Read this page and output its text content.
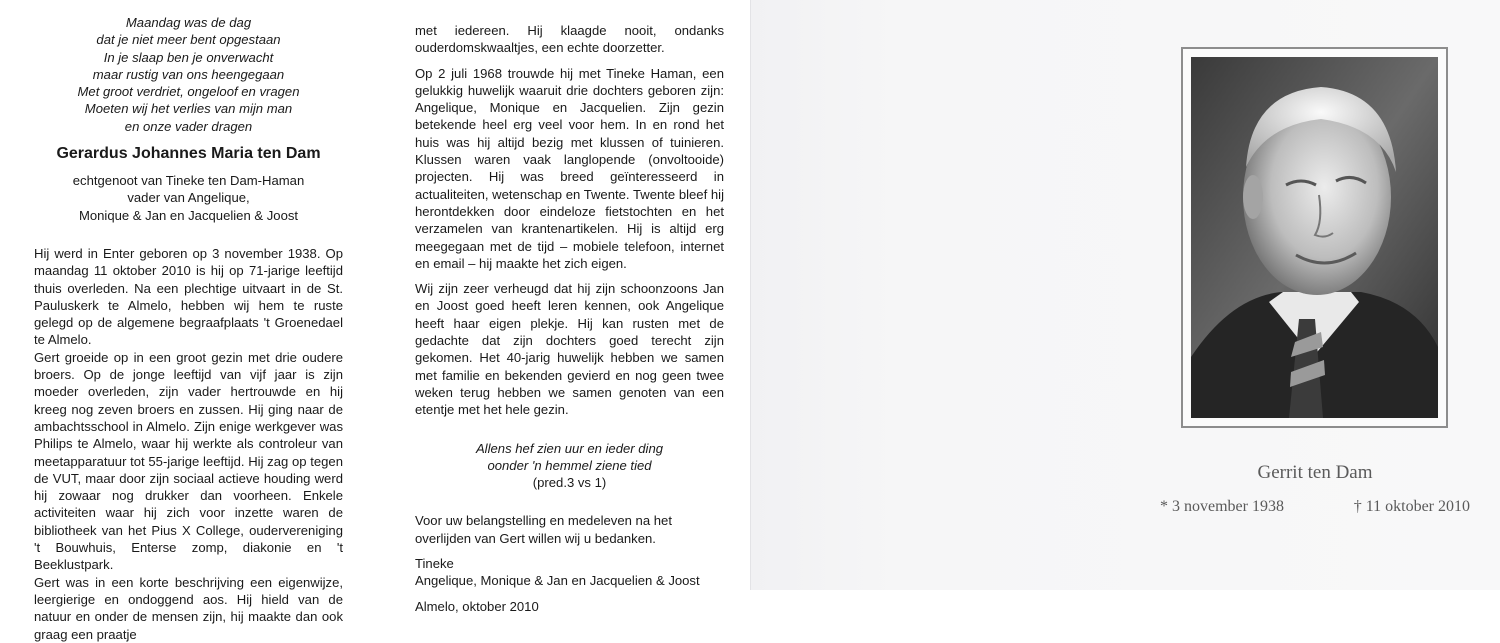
Maandag was de dag
dat je niet meer bent opgestaan
In je slaap ben je onverwacht
maar rustig van ons heengegaan
Met groot verdriet, ongeloof en vragen
Moeten wij het verlies van mijn man
en onze vader dragen
Gerardus Johannes Maria ten Dam
echtgenoot van Tineke ten Dam-Haman
vader van Angelique,
Monique & Jan en Jacquelien & Joost

Hij werd in Enter geboren op 3 november 1938. Op maandag 11 oktober 2010 is hij op 71-jarige leeftijd thuis overleden. Na een plechtige uitvaart in de St. Pauluskerk te Almelo, hebben wij hem te ruste gelegd op de algemene begraafplaats 't Groenedael te Almelo.

Gert groeide op in een groot gezin met drie oudere broers. Op de jonge leeftijd van vijf jaar is zijn moeder overleden, zijn vader hertrouwde en hij kreeg nog zeven broers en zussen. Hij ging naar de ambachtsschool in Almelo. Zijn enige werkgever was Philips te Almelo, waar hij werkte als controleur van meetapparatuur tot 55-jarige leeftijd. Hij zag op tegen de VUT, maar door zijn sociaal actieve houding werd hij zowaar nog drukker dan voorheen. Enkele activiteiten waar hij zich voor inzette waren de bibliotheek van het Pius X College, oudervereniging 't Bouwhuis, Enterse zomp, diakonie en 't Beeklustpark.

Gert was in een korte beschrijving een eigenwijze, leergierige en ondoggend aos. Hij hield van de natuur en onder de mensen zijn, hij maakte dan ook graag een praatje

met iedereen. Hij klaagde nooit, ondanks ouderdomskwaaltjes, een echte doorzetter.

Op 2 juli 1968 trouwde hij met Tineke Haman, een gelukkig huwelijk waaruit drie dochters geboren zijn: Angelique, Monique en Jacquelien. Zijn gezin betekende heel erg veel voor hem. In en rond het huis was hij altijd bezig met klussen of tuinieren. Klussen waren vaak langlopende (onvoltooide) projecten. Hij was breed geïnteresseerd in actualiteiten, wetenschap en Twente. Twente bleef hij herontdekken door eindeloze fietstochten en het verzamelen van krantenartikelen. Hij is altijd erg meegegaan met de tijd – mobiele telefoon, internet en email – hij maakte het zich eigen.

Wij zijn zeer verheugd dat hij zijn schoonzoons Jan en Joost goed heeft leren kennen, ook Angelique heeft haar eigen plekje. Hij kan rusten met de gedachte dat zijn dochters goed terecht zijn gekomen. Het 40-jarig huwelijk hebben we samen met familie en bekenden gevierd en nog geen twee weken terug hebben we samen genoten van een etentje met het hele gezin.

Allens hef zien uur en ieder ding
oonder 'n hemmel ziene tied
(pred.3 vs 1)

Voor uw belangstelling en medeleven na het overlijden van Gert willen wij u bedanken.

Tineke
Angelique, Monique & Jan en Jacquelien & Joost
Almelo, oktober 2010
Gerrit ten Dam
* 3 november 1938	† 11 oktober 2010
